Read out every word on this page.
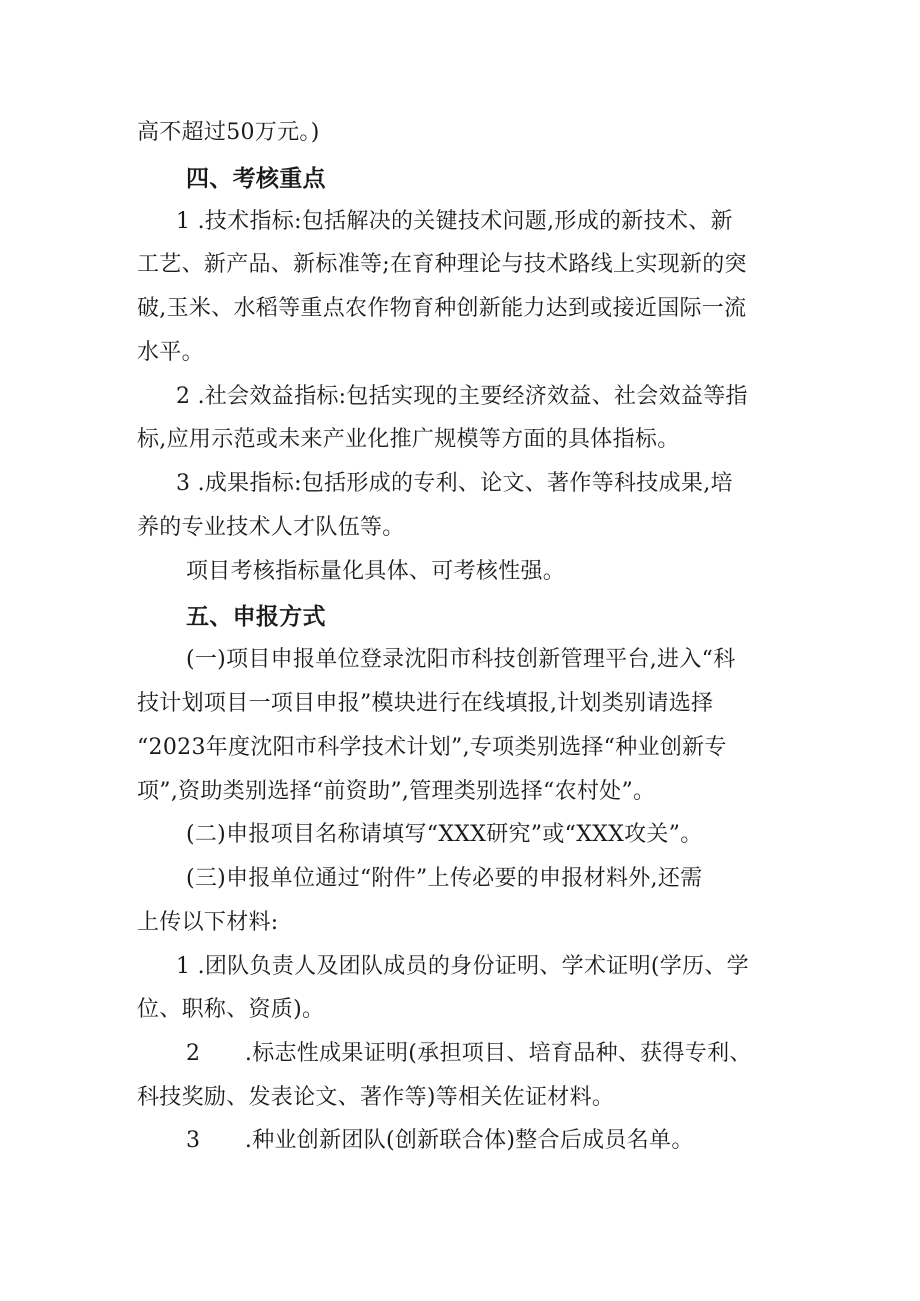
高不超过50万元。)
四、考核重点
1 .技术指标:包括解决的关键技术问题,形成的新技术、新
工艺、新产品、新标准等;在育种理论与技术路线上实现新的突
破,玉米、水稻等重点农作物育种创新能力达到或接近国际一流
水平。
2 .社会效益指标:包括实现的主要经济效益、社会效益等指
标,应用示范或未来产业化推广规模等方面的具体指标。
3 .成果指标:包括形成的专利、论文、著作等科技成果,培
养的专业技术人才队伍等。
项目考核指标量化具体、可考核性强。
五、申报方式
(一)项目申报单位登录沈阳市科技创新管理平台,进入“科
技计划项目一项目申报”模块进行在线填报,计划类别请选择
“2023年度沈阳市科学技术计划”,专项类别选择“种业创新专
项”,资助类别选择“前资助”,管理类别选择“农村处”。
(二)申报项目名称请填写“XXX研究”或“XXX攻关”。
(三)申报单位通过“附件”上传必要的申报材料外,还需
上传以下材料:
1 .团队负责人及团队成员的身份证明、学术证明(学历、学
位、职称、资质)。
2　　.标志性成果证明(承担项目、培育品种、获得专利、
科技奖励、发表论文、著作等)等相关佐证材料。
3　　.种业创新团队(创新联合体)整合后成员名单。
